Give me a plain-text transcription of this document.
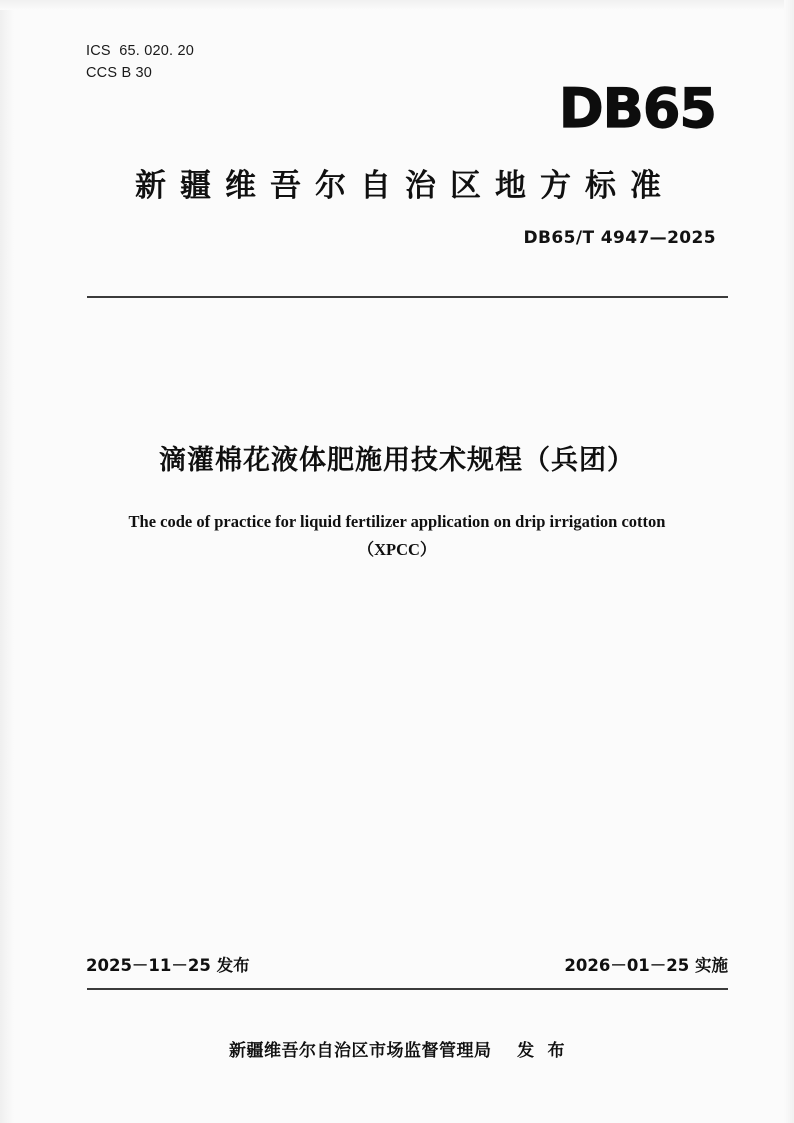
ICS  65. 020. 20
CCS B 30
DB65
新疆维吾尔自治区地方标准
DB65/T 4947—2025
滴灌棉花液体肥施用技术规程（兵团）
The code of practice for liquid fertilizer application on drip irrigation cotton
（XPCC）
2025－11－25 发布	2026－01－25 实施
新疆维吾尔自治区市场监督管理局    发  布
